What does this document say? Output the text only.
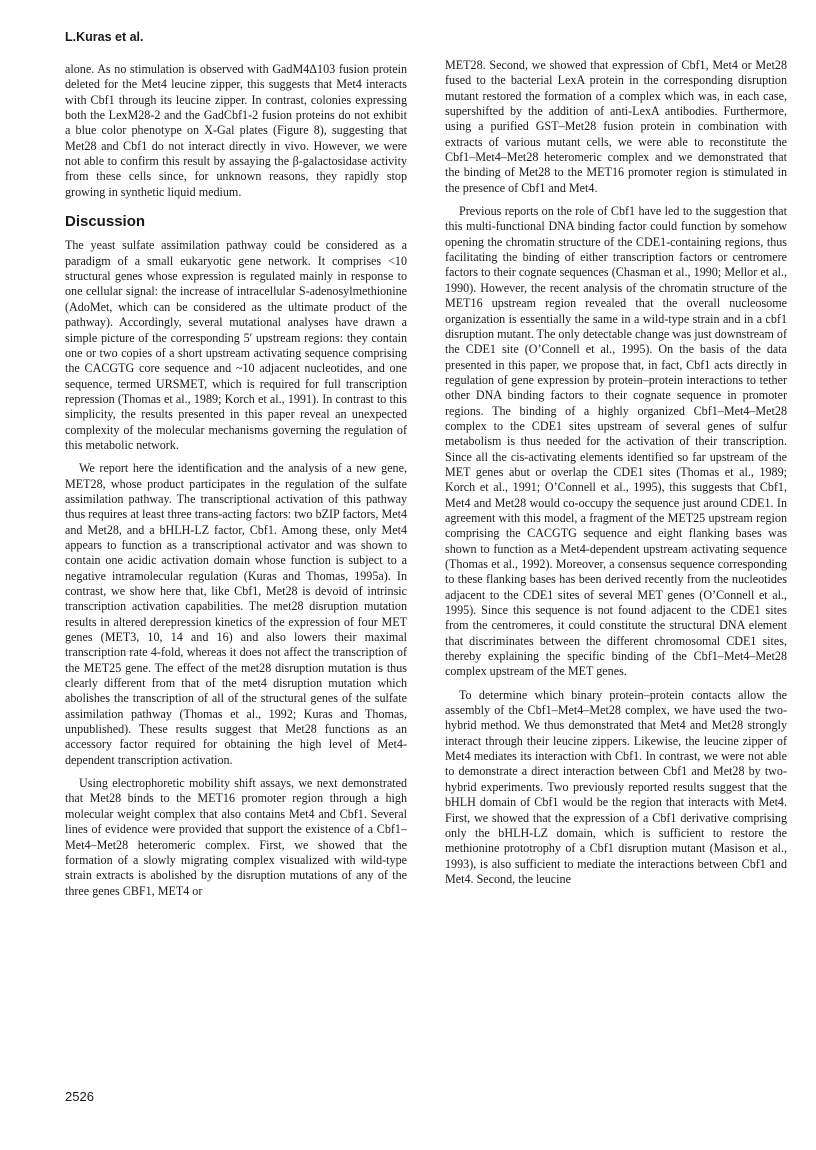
L.Kuras et al.

alone. As no stimulation is observed with GadM4Δ103 fusion protein deleted for the Met4 leucine zipper, this suggests that Met4 interacts with Cbf1 through its leucine zipper. In contrast, colonies expressing both the LexM28-2 and the GadCbf1-2 fusion proteins do not exhibit a blue color phenotype on X-Gal plates (Figure 8), suggesting that Met28 and Cbf1 do not interact directly in vivo. However, we were not able to confirm this result by assaying the β-galactosidase activity from these cells since, for unknown reasons, they rapidly stop growing in synthetic liquid medium.

Discussion

The yeast sulfate assimilation pathway could be considered as a paradigm of a small eukaryotic gene network. It comprises <10 structural genes whose expression is regulated mainly in response to one cellular signal: the increase of intracellular S-adenosylmethionine (AdoMet, which can be considered as the ultimate product of the pathway). Accordingly, several mutational analyses have drawn a simple picture of the corresponding 5′ upstream regions: they contain one or two copies of a short upstream activating sequence comprising the CACGTG core sequence and ~10 adjacent nucleotides, and one sequence, termed URSMET, which is required for full transcription repression (Thomas et al., 1989; Korch et al., 1991). In contrast to this simplicity, the results presented in this paper reveal an unexpected complexity of the molecular mechanisms governing the regulation of this metabolic network.

We report here the identification and the analysis of a new gene, MET28, whose product participates in the regulation of the sulfate assimilation pathway. The transcriptional activation of this pathway thus requires at least three trans-acting factors: two bZIP factors, Met4 and Met28, and a bHLH-LZ factor, Cbf1. Among these, only Met4 appears to function as a transcriptional activator and was shown to contain one acidic activation domain whose function is subject to a negative intramolecular regulation (Kuras and Thomas, 1995a). In contrast, we show here that, like Cbf1, Met28 is devoid of intrinsic transcription activation capabilities. The met28 disruption mutation results in altered derepression kinetics of the expression of four MET genes (MET3, 10, 14 and 16) and also lowers their maximal transcription rate 4-fold, whereas it does not affect the transcription of the MET25 gene. The effect of the met28 disruption mutation is thus clearly different from that of the met4 disruption mutation which abolishes the transcription of all of the structural genes of the sulfate assimilation pathway (Thomas et al., 1992; Kuras and Thomas, unpublished). These results suggest that Met28 functions as an accessory factor required for obtaining the high level of Met4-dependent transcription activation.

Using electrophoretic mobility shift assays, we next demonstrated that Met28 binds to the MET16 promoter region through a high molecular weight complex that also contains Met4 and Cbf1. Several lines of evidence were provided that support the existence of a Cbf1–Met4–Met28 heteromeric complex. First, we showed that the formation of a slowly migrating complex visualized with wild-type strain extracts is abolished by the disruption mutations of any of the three genes CBF1, MET4 or

MET28. Second, we showed that expression of Cbf1, Met4 or Met28 fused to the bacterial LexA protein in the corresponding disruption mutant restored the formation of a complex which was, in each case, supershifted by the addition of anti-LexA antibodies. Furthermore, using a purified GST–Met28 fusion protein in combination with extracts of various mutant cells, we were able to reconstitute the Cbf1–Met4–Met28 heteromeric complex and we demonstrated that the binding of Met28 to the MET16 promoter region is stimulated in the presence of Cbf1 and Met4.

Previous reports on the role of Cbf1 have led to the suggestion that this multi-functional DNA binding factor could function by somehow opening the chromatin structure of the CDE1-containing regions, thus facilitating the binding of either transcription factors or centromere factors to their cognate sequences (Chasman et al., 1990; Mellor et al., 1990). However, the recent analysis of the chromatin structure of the MET16 upstream region revealed that the overall nucleosome organization is essentially the same in a wild-type strain and in a cbf1 disruption mutant. The only detectable change was just downstream of the CDE1 site (O’Connell et al., 1995). On the basis of the data presented in this paper, we propose that, in fact, Cbf1 acts directly in regulation of gene expression by protein–protein interactions to tether other DNA binding factors to their cognate sequence in promoter regions. The binding of a highly organized Cbf1–Met4–Met28 complex to the CDE1 sites upstream of several genes of sulfur metabolism is thus needed for the activation of their transcription. Since all the cis-activating elements identified so far upstream of the MET genes abut or overlap the CDE1 sites (Thomas et al., 1989; Korch et al., 1991; O’Connell et al., 1995), this suggests that Cbf1, Met4 and Met28 would co-occupy the sequence just around CDE1. In agreement with this model, a fragment of the MET25 upstream region comprising the CACGTG sequence and eight flanking bases was shown to function as a Met4-dependent upstream activating sequence (Thomas et al., 1992). Moreover, a consensus sequence corresponding to these flanking bases has been derived recently from the nucleotides adjacent to the CDE1 sites of several MET genes (O’Connell et al., 1995). Since this sequence is not found adjacent to the CDE1 sites from the centromeres, it could constitute the structural DNA element that discriminates between the different chromosomal CDE1 sites, thereby explaining the specific binding of the Cbf1–Met4–Met28 complex upstream of the MET genes.

To determine which binary protein–protein contacts allow the assembly of the Cbf1–Met4–Met28 complex, we have used the two-hybrid method. We thus demonstrated that Met4 and Met28 strongly interact through their leucine zippers. Likewise, the leucine zipper of Met4 mediates its interaction with Cbf1. In contrast, we were not able to demonstrate a direct interaction between Cbf1 and Met28 by two-hybrid experiments. Two previously reported results suggest that the bHLH domain of Cbf1 would be the region that interacts with Met4. First, we showed that the expression of a Cbf1 derivative comprising only the bHLH-LZ domain, which is sufficient to restore the methionine prototrophy of a Cbf1 disruption mutant (Masison et al., 1993), is also sufficient to mediate the interactions between Cbf1 and Met4. Second, the leucine

2526
